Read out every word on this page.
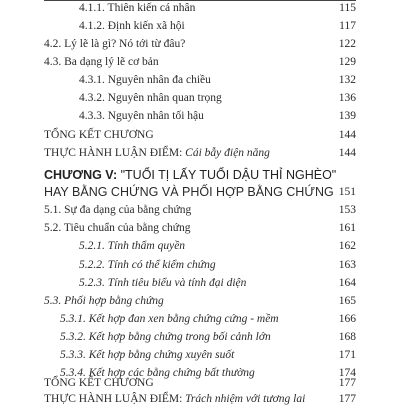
4.1.1. Thiên kiến cá nhân	115
4.1.2. Định kiến xã hội	117
4.2. Lý lẽ là gì? Nó tới từ đâu?	122
4.3. Ba dạng lý lẽ cơ bản	129
4.3.1. Nguyên nhân đa chiều	132
4.3.2. Nguyên nhân quan trọng	136
4.3.3. Nguyên nhân tối hậu	139
TỔNG KẾT CHƯƠNG	144
THỰC HÀNH LUẬN ĐIỂM: Cái bẫy điện năng	144
CHƯƠNG V: "TUỔI TỊ LẤY TUỔI DẬU THỈ NGHÈO"
HAY BẰNG CHỨNG VÀ PHỐI HỢP BẰNG CHỨNG 151
5.1. Sự đa dạng của bằng chứng	153
5.2. Tiêu chuẩn của bằng chứng	161
5.2.1. Tính thẩm quyền	162
5.2.2. Tính có thể kiểm chứng	163
5.2.3. Tính tiêu biểu và tính đại diện	164
5.3. Phối hợp bằng chứng	165
5.3.1. Kết hợp đan xen bằng chứng cứng - mềm	166
5.3.2. Kết hợp bằng chứng trong bối cảnh lớn	168
5.3.3. Kết hợp bằng chứng xuyên suốt	171
5.3.4. Kết hợp các bằng chứng bất thường	174
TỔNG KẾT CHƯƠNG	177
THỰC HÀNH LUẬN ĐIỂM: Trách nhiệm với tương lai	177
